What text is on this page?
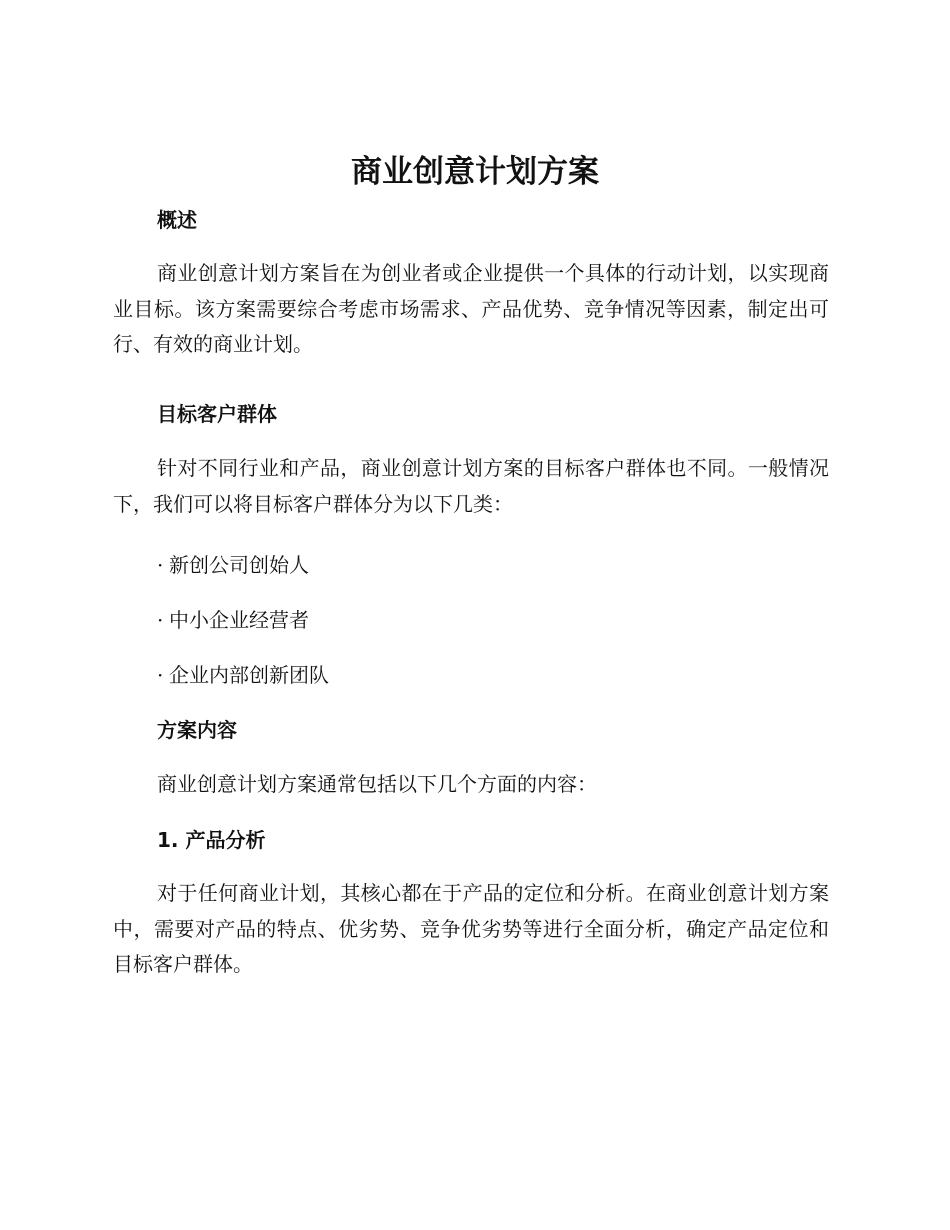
商业创意计划方案
概述

商业创意计划方案旨在为创业者或企业提供一个具体的行动计划，以实现商业目标。该方案需要综合考虑市场需求、产品优势、竞争情况等因素，制定出可行、有效的商业计划。

目标客户群体

针对不同行业和产品，商业创意计划方案的目标客户群体也不同。一般情况下，我们可以将目标客户群体分为以下几类：

· 新创公司创始人

· 中小企业经营者

· 企业内部创新团队

方案内容

商业创意计划方案通常包括以下几个方面的内容：

1. 产品分析

对于任何商业计划，其核心都在于产品的定位和分析。在商业创意计划方案中，需要对产品的特点、优劣势、竞争优劣势等进行全面分析，确定产品定位和目标客户群体。
